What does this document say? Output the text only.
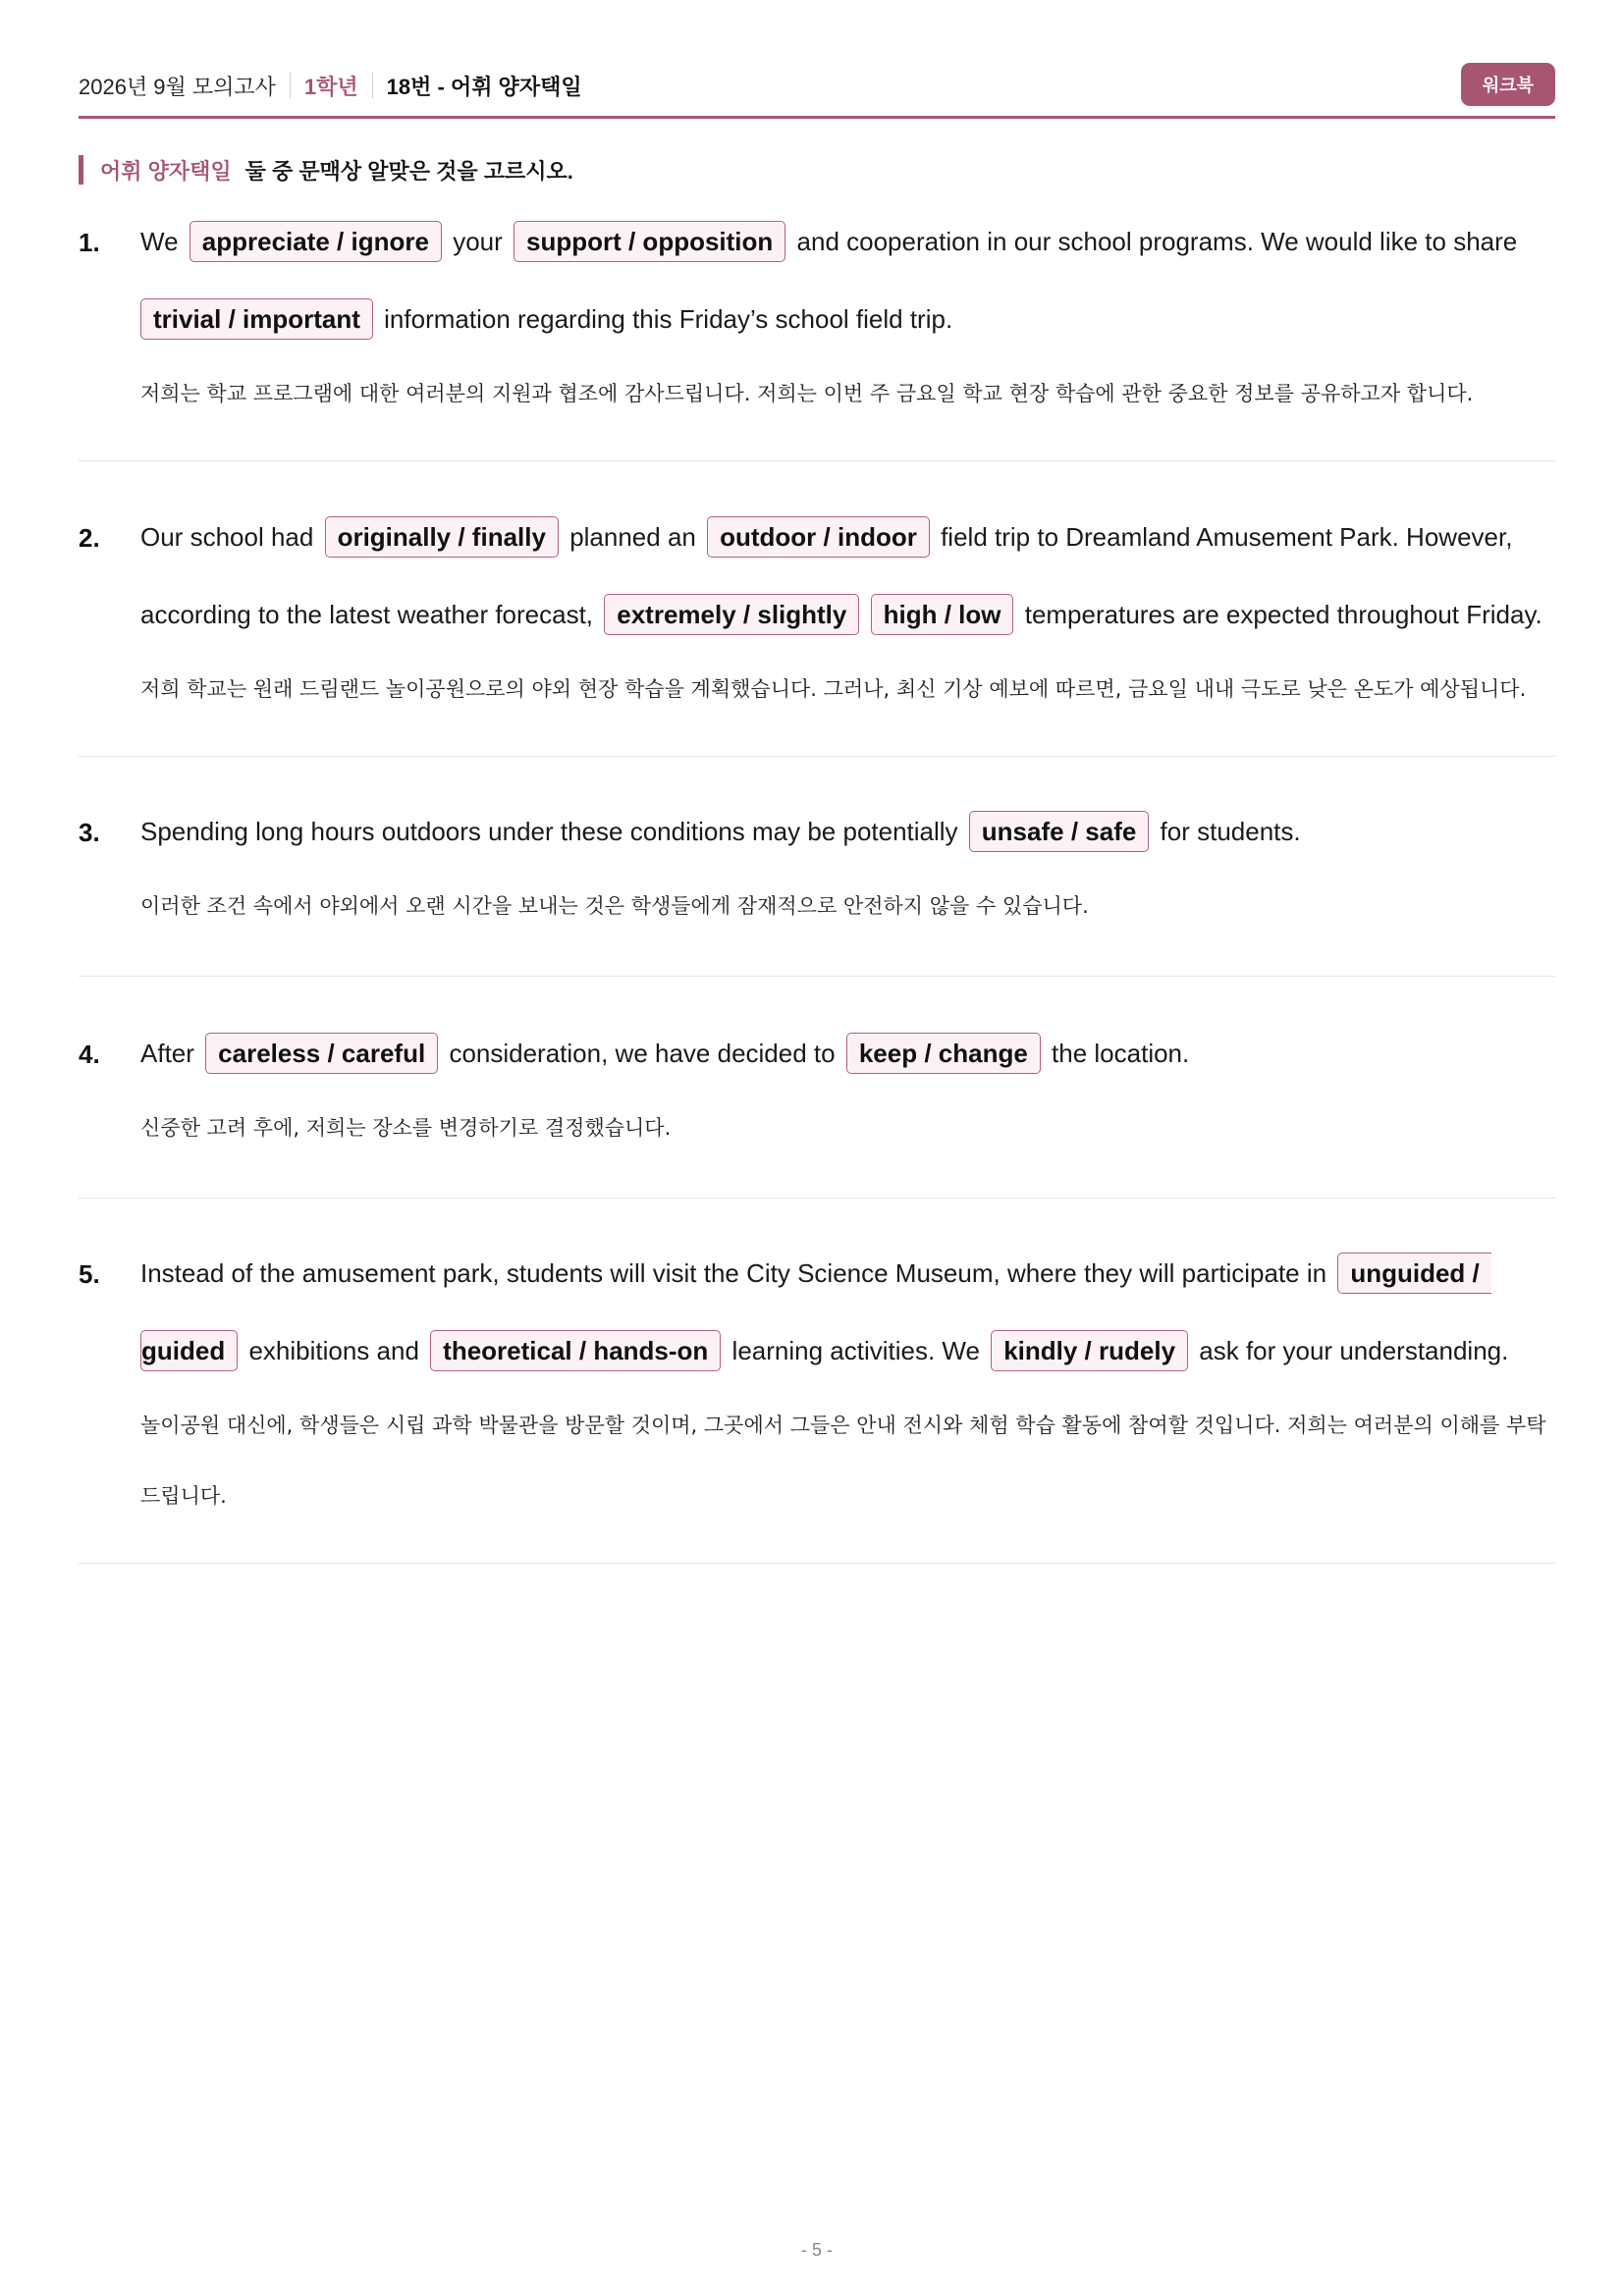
2026년 9월 모의고사 1학년 18번 - 어휘 양자택일	워크북
어휘 양자택일 둘 중 문맥상 알맞은 것을 고르시오.
1. We appreciate / ignore your support / opposition and cooperation in our school programs. We would like to share
trivial / important information regarding this Friday’s school field trip.
저희는 학교 프로그램에 대한 여러분의 지원과 협조에 감사드립니다. 저희는 이번 주 금요일 학교 현장 학습에 관한 중요한 정보를 공유하고자 합니다.
2. Our school had originally / finally planned an outdoor / indoor field trip to Dreamland Amusement Park. However, according to the latest weather forecast, extremely / slightly high / low temperatures are expected throughout Friday.
저희 학교는 원래 드림랜드 놀이공원으로의 야외 현장 학습을 계획했습니다. 그러나, 최신 기상 예보에 따르면, 금요일 내내 극도로 낮은 온도가 예상됩니다.
3. Spending long hours outdoors under these conditions may be potentially unsafe / safe for students.
이러한 조건 속에서 야외에서 오랜 시간을 보내는 것은 학생들에게 잠재적으로 안전하지 않을 수 있습니다.
4. After careless / careful consideration, we have decided to keep / change the location.
신중한 고려 후에, 저희는 장소를 변경하기로 결정했습니다.
5. Instead of the amusement park, students will visit the City Science Museum, where they will participate in unguided /
guided exhibitions and theoretical / hands-on learning activities. We kindly / rudely ask for your understanding.
놀이공원 대신에, 학생들은 시립 과학 박물관을 방문할 것이며, 그곳에서 그들은 안내 전시와 체험 학습 활동에 참여할 것입니다. 저희는 여러분의 이해를 부탁드립니다.
- 5 -
